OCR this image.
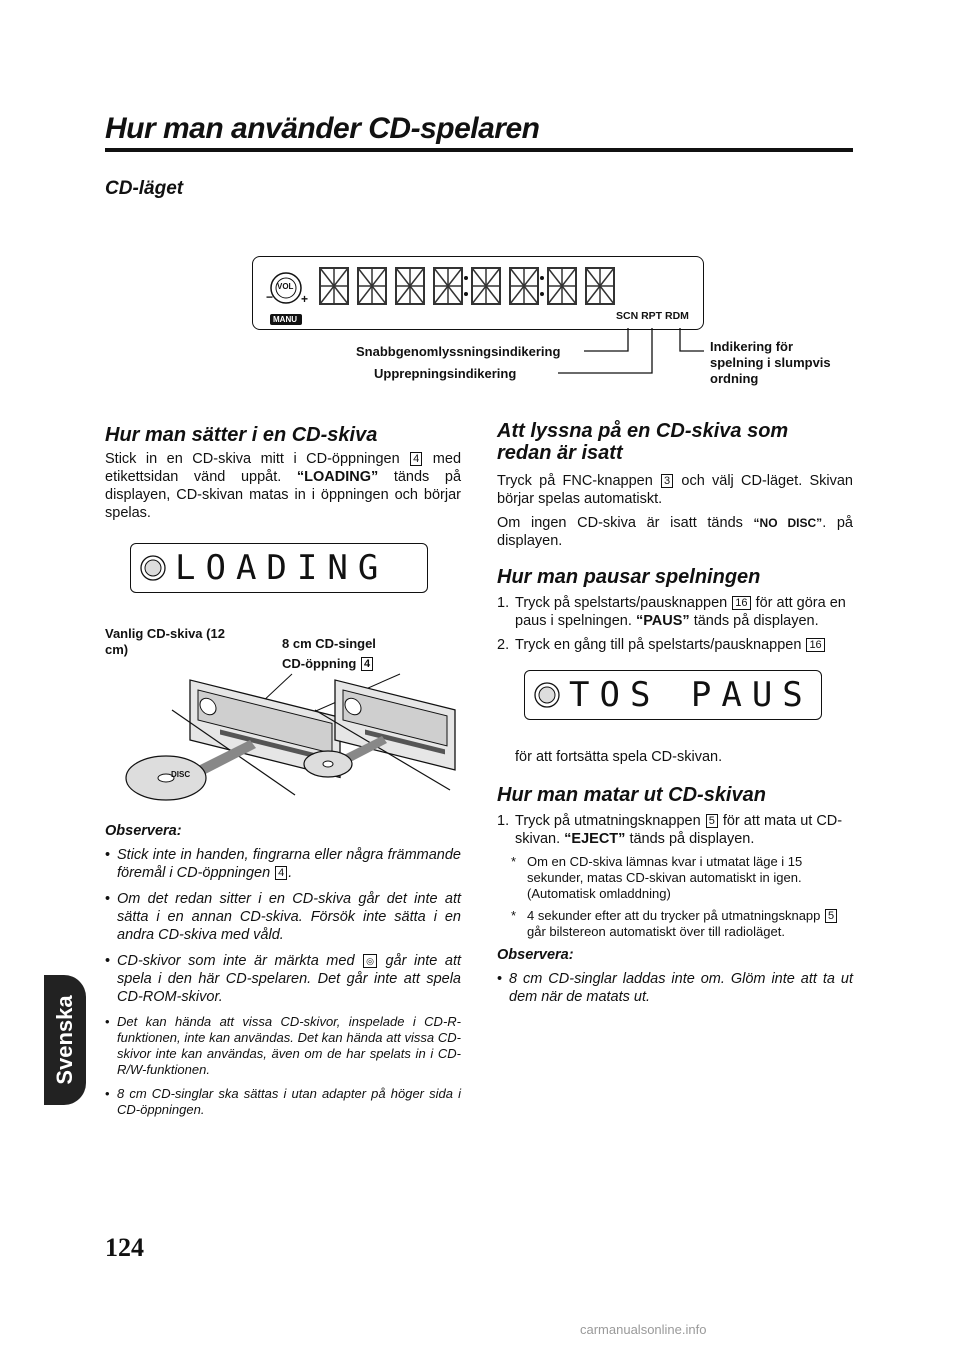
Hur man använder CD-spelaren
CD-läget
VOL
− +
MANU	SCN RPT RDM
Snabbgenomlyssningsindikering
Upprepningsindikering
Indikering för spelning i slumpvis ordning
Hur man sätter i en CD-skiva

Stick in en CD-skiva mitt i CD-öppningen 4 med etikettsidan vänd uppåt. “LOADING” tänds på displayen, CD-skivan matas in i öppningen och börjar spelas.

LOADING
Vanlig CD-skiva (12 cm)	8 cm CD-singel
CD-öppning 4
DISC
Observera:
• Stick inte in handen, fingrarna eller några främmande föremål i CD-öppningen 4 .
• Om det redan sitter i en CD-skiva går det inte att sätta i en annan CD-skiva. Försök inte sätta i en andra CD-skiva med våld.
• CD-skivor som inte är märkta med ◎ går inte att spela i den här CD-spelaren. Det går inte att spela CD-ROM-skivor.
• Det kan hända att vissa CD-skivor, inspelade i CD-R-funktionen, inte kan användas. Det kan hända att vissa CD-skivor inte kan användas, även om de har spelats in i CD-R/W-funktionen.
• 8 cm CD-singlar ska sättas i utan adapter på höger sida i CD-öppningen.
Att lyssna på en CD-skiva som redan är isatt

Tryck på FNC-knappen 3 och välj CD-läget. Skivan börjar spelas automatiskt.

Om ingen CD-skiva är isatt tänds “NO DISC”. på displayen.

Hur man pausar spelningen
1. Tryck på spelstarts/pausknappen 16 för att göra en paus i spelningen. “PAUS” tänds på displayen.
2. Tryck en gång till på spelstarts/pausknappen 16
TOS PAUS

för att fortsätta spela CD-skivan.

Hur man matar ut CD-skivan
1. Tryck på utmatningsknappen 5 för att mata ut CD-skivan. “EJECT” tänds på displayen.
* Om en CD-skiva lämnas kvar i utmatat läge i 15 sekunder, matas CD-skivan automatiskt in igen. (Automatisk omladdning)
* 4 sekunder efter att du trycker på utmatningsknapp 5 går bilstereon automatiskt över till radioläget.
Observera:
• 8 cm CD-singlar laddas inte om. Glöm inte att ta ut dem när de matats ut.
Svenska
124
carmanualsonline.info
